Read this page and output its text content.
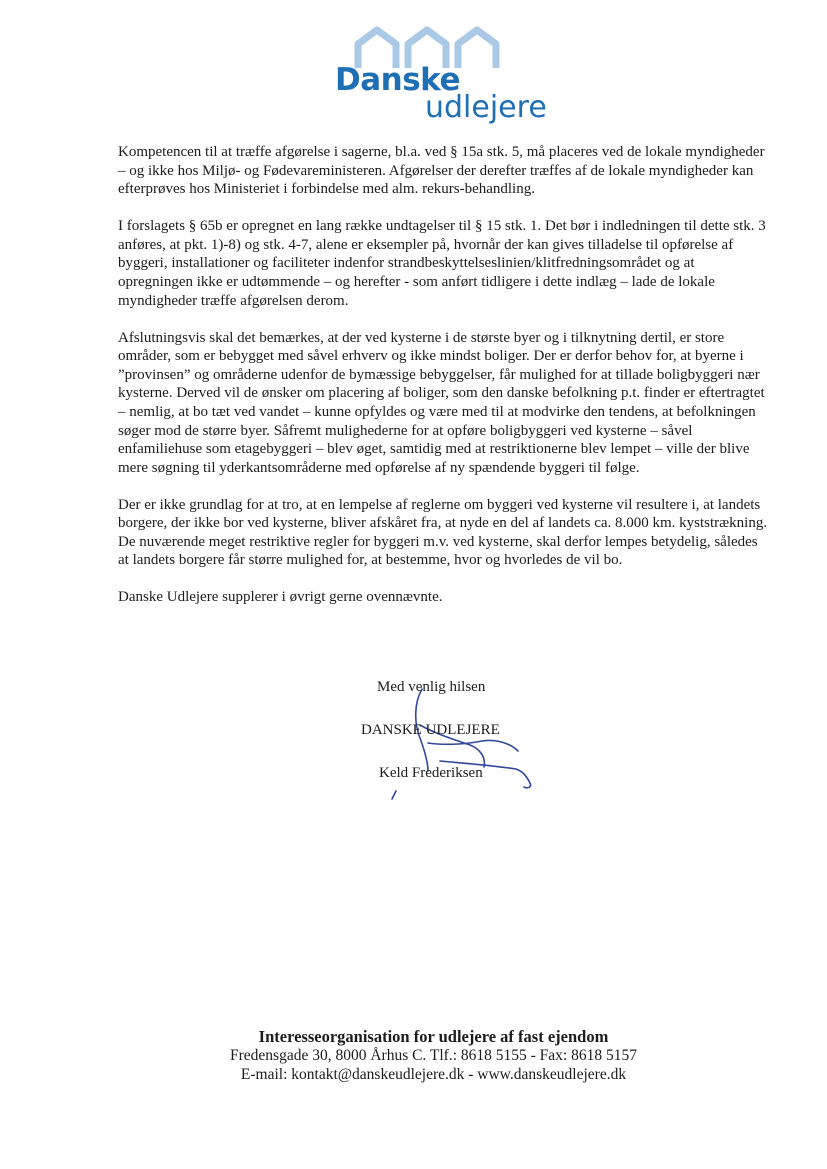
Danske
udlejere

Kompetencen til at træffe afgørelse i sagerne, bl.a. ved § 15a stk. 5, må placeres ved de lokale myndigheder – og ikke hos Miljø- og Fødevareministeren. Afgørelser der derefter træffes af de lokale myndigheder kan efterprøves hos Ministeriet i forbindelse med alm. rekurs-behandling.

I forslagets § 65b er opregnet en lang række undtagelser til § 15 stk. 1. Det bør i indledningen til dette stk. 3 anføres, at pkt. 1)-8) og stk. 4-7, alene er eksempler på, hvornår der kan gives tilladelse til opførelse af byggeri, installationer og faciliteter indenfor strandbeskyttelseslinien/klitfredningsområdet og at opregningen ikke er udtømmende – og herefter - som anført tidligere i dette indlæg – lade de lokale myndigheder træffe afgørelsen derom.

Afslutningsvis skal det bemærkes, at der ved kysterne i de største byer og i tilknytning dertil, er store områder, som er bebygget med såvel erhverv og ikke mindst boliger. Der er derfor behov for, at byerne i ”provinsen” og områderne udenfor de bymæssige bebyggelser, får mulighed for at tillade boligbyggeri nær kysterne. Derved vil de ønsker om placering af boliger, som den danske befolkning p.t. finder er eftertragtet – nemlig, at bo tæt ved vandet – kunne opfyldes og være med til at modvirke den tendens, at befolkningen søger mod de større byer. Såfremt mulighederne for at opføre boligbyggeri ved kysterne – såvel enfamiliehuse som etagebyggeri – blev øget, samtidig med at restriktionerne blev lempet – ville der blive mere søgning til yderkantsområderne med opførelse af ny spændende byggeri til følge.

Der er ikke grundlag for at tro, at en lempelse af reglerne om byggeri ved kysterne vil resultere i, at landets borgere, der ikke bor ved kysterne, bliver afskåret fra, at nyde en del af landets ca. 8.000 km. kyststrækning. De nuværende meget restriktive regler for byggeri m.v. ved kysterne, skal derfor lempes betydelig, således at landets borgere får større mulighed for, at bestemme, hvor og hvorledes de vil bo.

Danske Udlejere supplerer i øvrigt gerne ovennævnte.

Med venlig hilsen
DANSKE UDLEJERE
Keld Frederiksen
Interesseorganisation for udlejere af fast ejendom
Fredensgade 30, 8000 Århus C. Tlf.: 8618 5155 - Fax: 8618 5157
E-mail: kontakt@danskeudlejere.dk - www.danskeudlejere.dk
